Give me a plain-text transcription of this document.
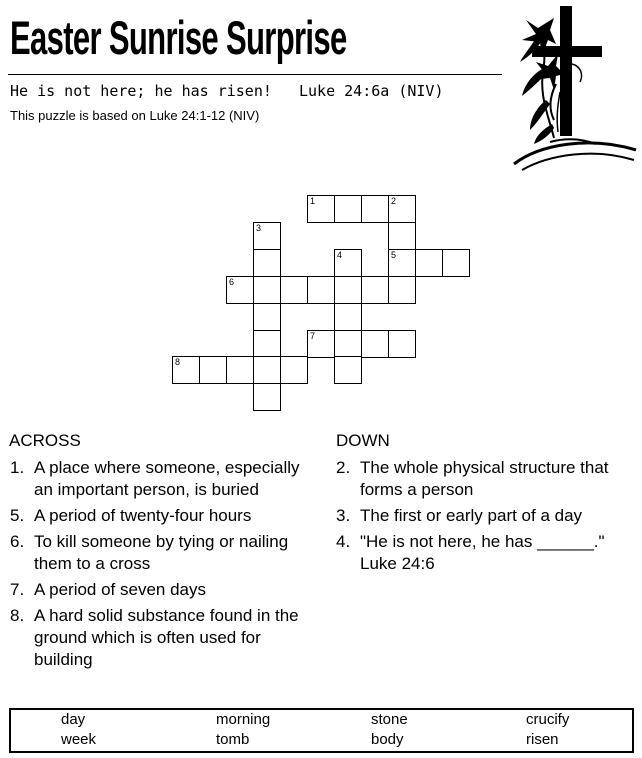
Easter Sunrise Surprise
He is not here; he has risen!   Luke 24:6a (NIV)
This puzzle is based on Luke 24:1-12 (NIV)
1	2
3
4	5
6
7
8
ACROSS
1. A place where someone, especially an important person, is buried
5. A period of twenty-four hours
6. To kill someone by tying or nailing them to a cross
7. A period of seven days
8. A hard solid substance found in the ground which is often used for building
DOWN
2. The whole physical structure that forms a person
3. The first or early part of a day
4. "He is not here, he has ______." Luke 24:6
day	morning	stone	crucify
week	tomb	body	risen
